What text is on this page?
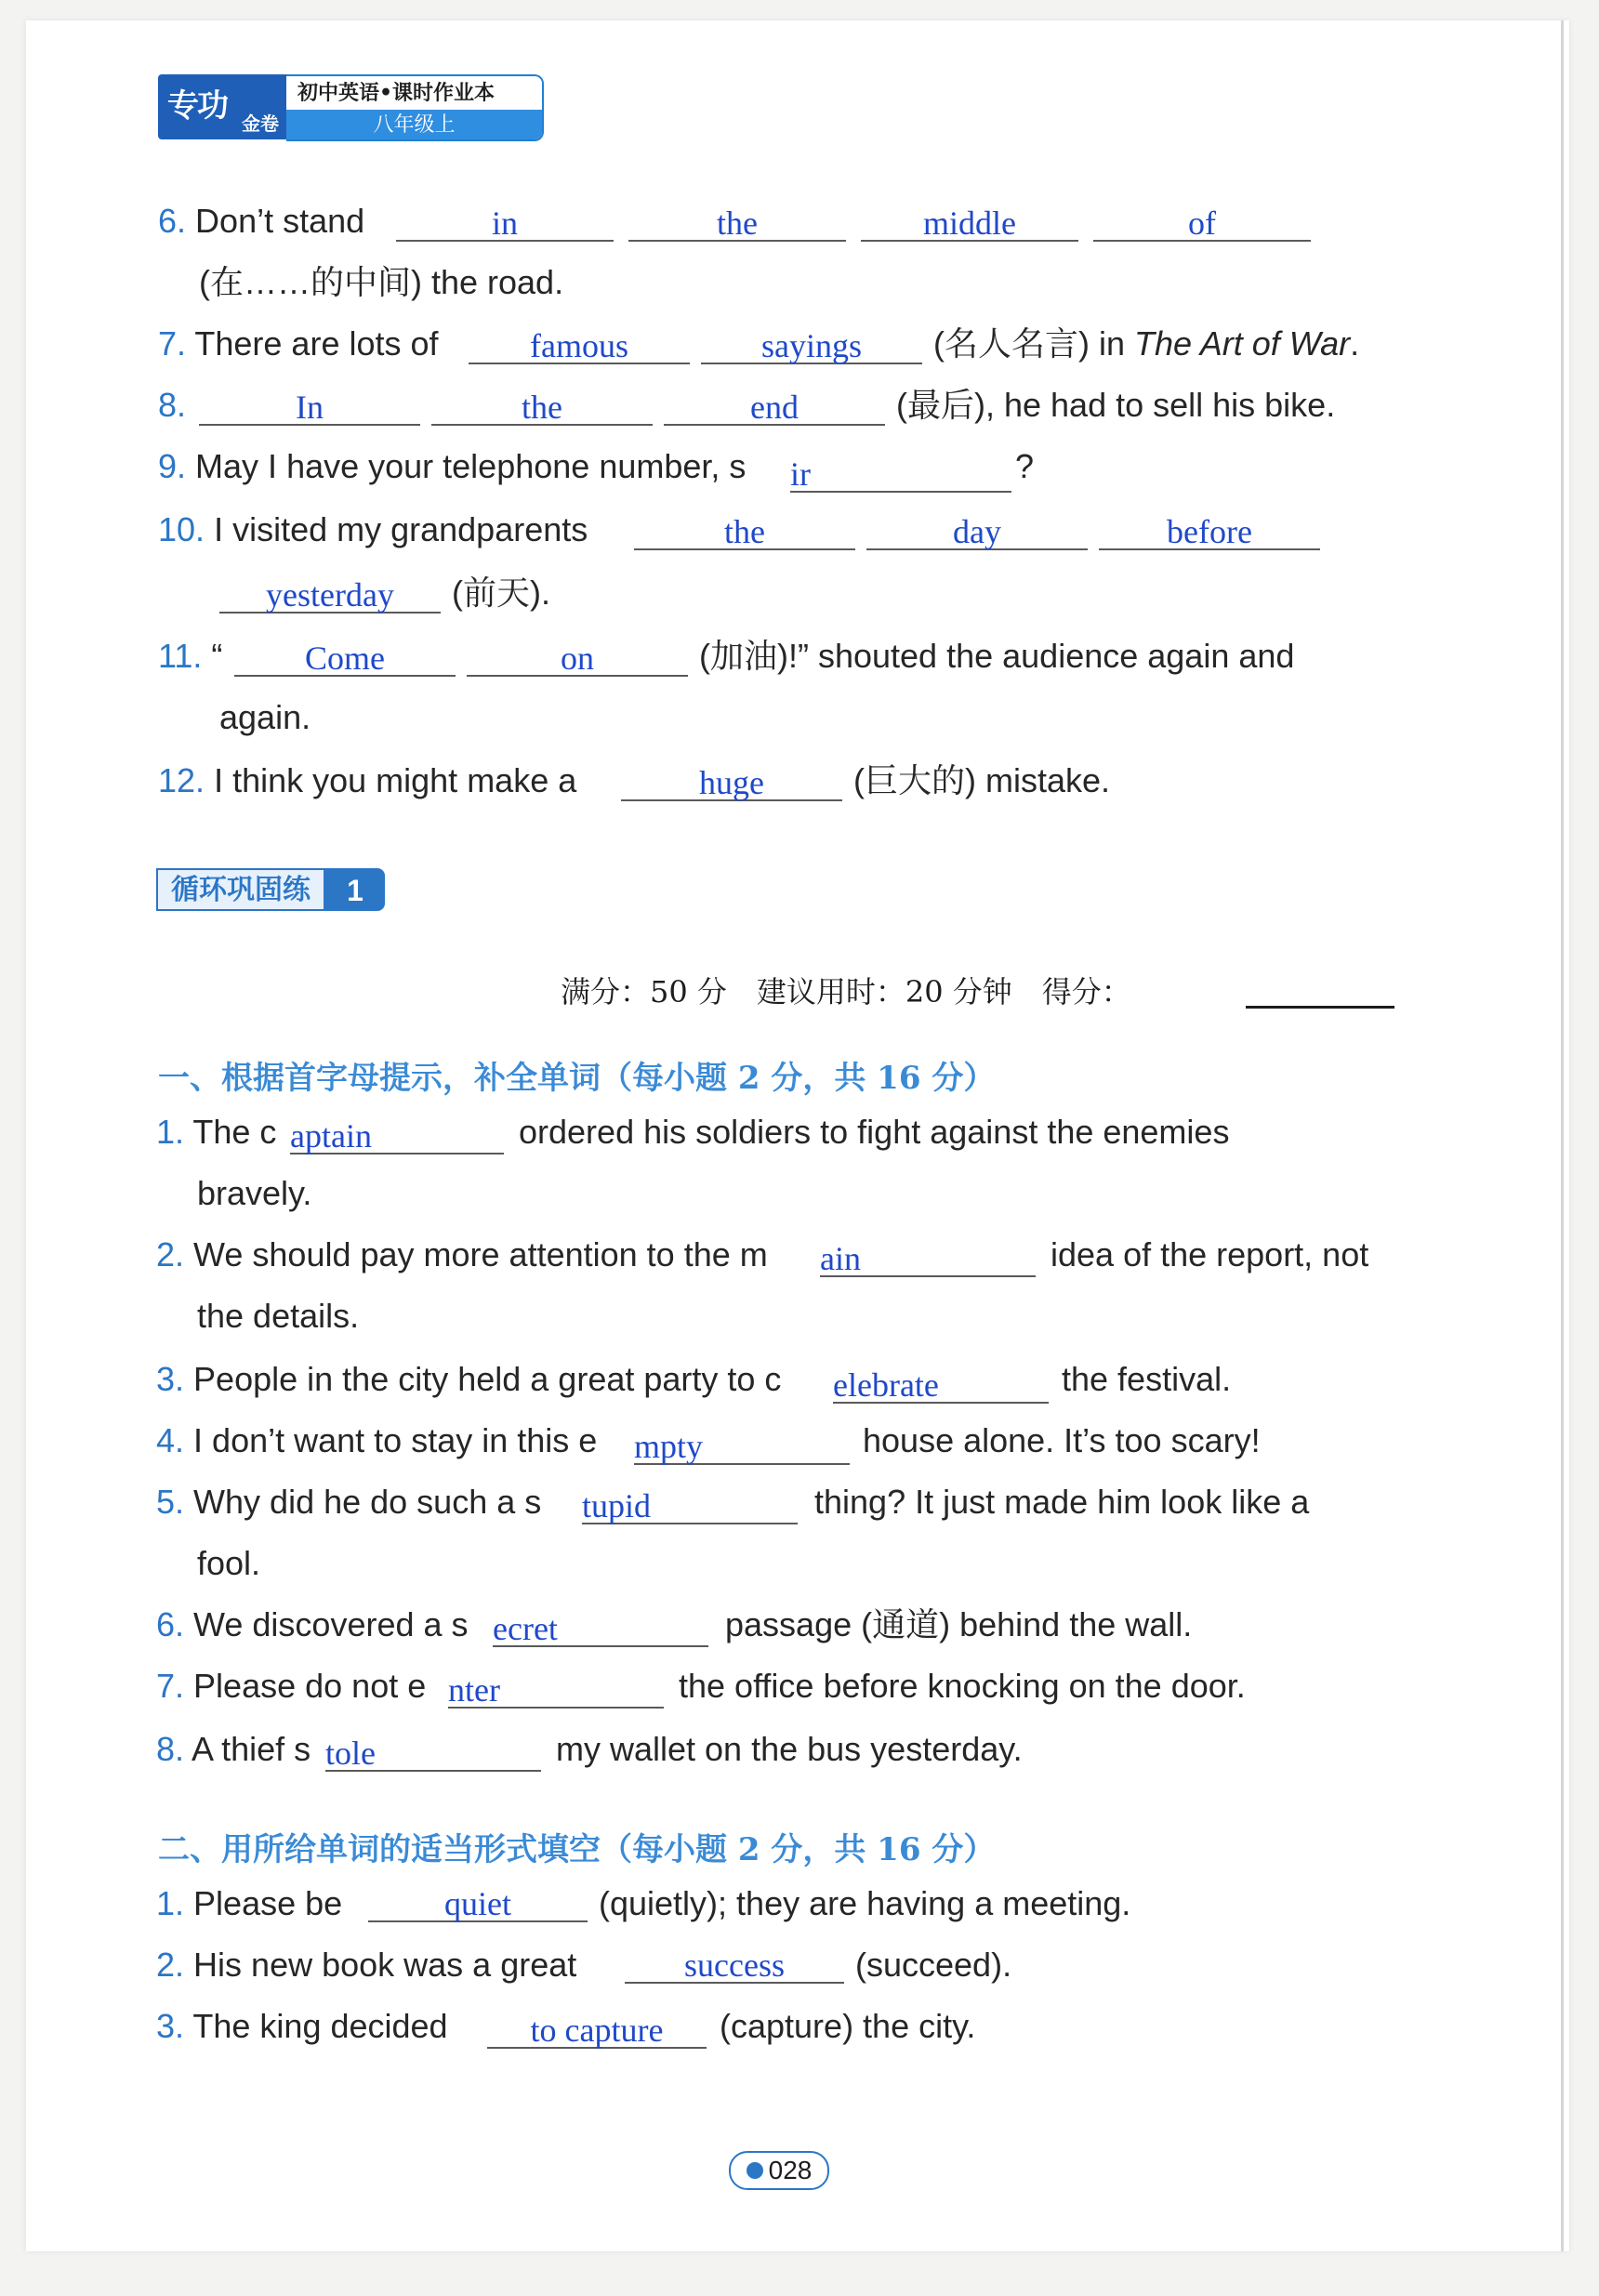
专功 金卷
初中英语•课时作业本
八年级上
6. Don’t stand	in	the	middle	of
(在……的中间) the road.
7. There are lots of	famous	sayings	(名人名言) in The Art of War.
8.	In	the	end	(最后), he had to sell his bike.
9. May I have your telephone number, s ir	?
10. I visited my grandparents	the	day	before
yesterday	(前天).
11. “	Come	on	(加油)!” shouted the audience again and
again.
12. I think you might make a	huge	(巨大的) mistake.
循环巩固练	1
满分：50 分　建议用时：20 分钟　得分：
一、根据首字母提示，补全单词（每小题 2 分，共 16 分）
1. The c aptain	ordered his soldiers to fight against the enemies
bravely.
2. We should pay more attention to the m ain	idea of the report, not
the details.
3. People in the city held a great party to c elebrate	the festival.
4. I don’t want to stay in this e mpty	house alone. It’s too scary!
5. Why did he do such a s tupid	thing? It just made him look like a
fool.
6. We discovered a s ecret	passage (通道) behind the wall.
7. Please do not e nter	the office before knocking on the door.
8. A thief s tole	my wallet on the bus yesterday.
二、用所给单词的适当形式填空（每小题 2 分，共 16 分）
1. Please be	quiet	(quietly); they are having a meeting.
2. His new book was a great	success	(succeed).
3. The king decided	to capture	(capture) the city.
028
